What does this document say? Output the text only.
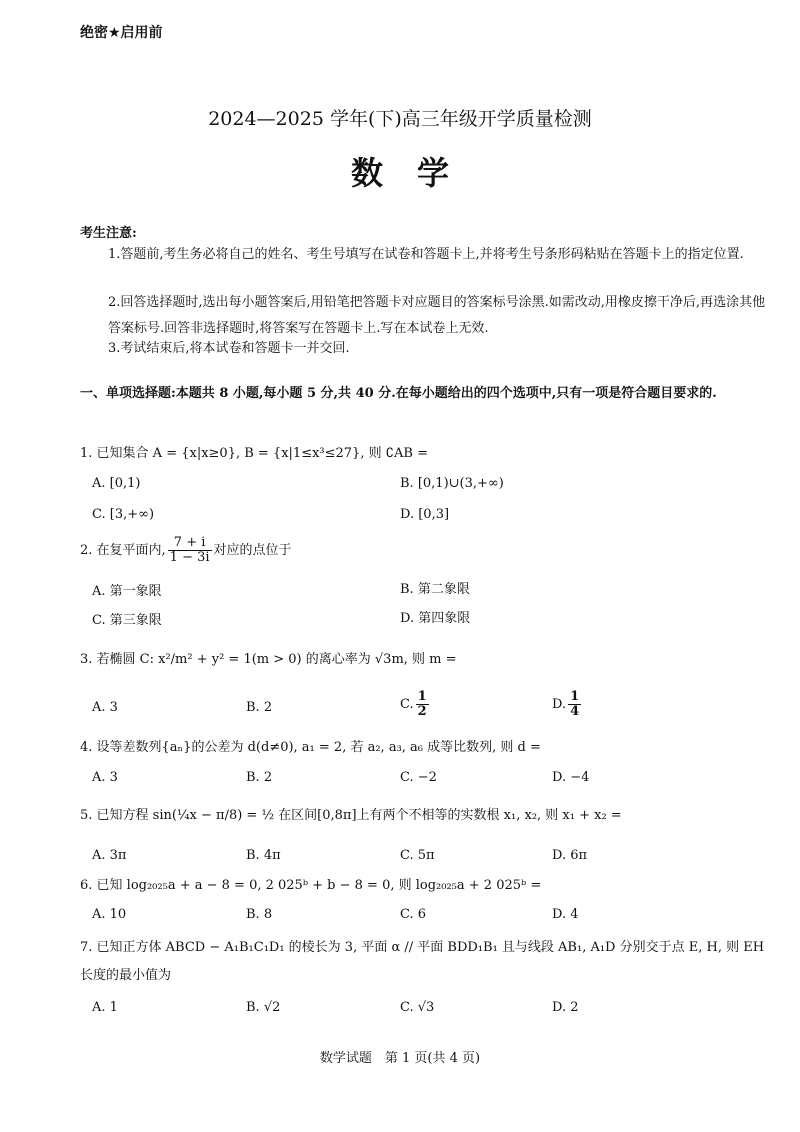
绝密★启用前
2024—2025 学年(下)高三年级开学质量检测
数学
考生注意:
1.答题前,考生务必将自己的姓名、考生号填写在试卷和答题卡上,并将考生号条形码粘贴在答题卡上的指定位置.
2.回答选择题时,选出每小题答案后,用铅笔把答题卡对应题目的答案标号涂黑.如需改动,用橡皮擦干净后,再选涂其他答案标号.回答非选择题时,将答案写在答题卡上.写在本试卷上无效.
3.考试结束后,将本试卷和答题卡一并交回.
一、单项选择题:本题共 8 小题,每小题 5 分,共 40 分.在每小题给出的四个选项中,只有一项是符合题目要求的.
1. 已知集合 A = {x|x≥0}, B = {x|1≤x³≤27}, 则 ∁AB =
A. [0,1)	B. [0,1)∪(3,+∞)
C. [3,+∞)	D. [0,3]
2. 在复平面内, $\frac{7 + i}{1 - 3i}$ 对应的点位于
A. 第一象限	B. 第二象限
C. 第三象限	D. 第四象限
3. 若椭圆 C: x²/m² + y² = 1(m > 0) 的离心率为 √3m, 则 m =
A. 3	B. 2	C. $\frac{1}{2}$	D. $\frac{1}{4}$
4. 设等差数列{aₙ}的公差为 d(d≠0), a₁ = 2, 若 a₂, a₃, a₆ 成等比数列, 则 d =
A. 3	B. 2	C. −2	D. −4
5. 已知方程 sin(¼x − π/8) = ½ 在区间[0,8π]上有两个不相等的实数根 x₁, x₂, 则 x₁ + x₂ =
A. 3π	B. 4π	C. 5π	D. 6π
6. 已知 log₂₀₂₅a + a − 8 = 0, 2 025ᵇ + b − 8 = 0, 则 log₂₀₂₅a + 2 025ᵇ =
A. 10	B. 8	C. 6	D. 4
7. 已知正方体 ABCD − A₁B₁C₁D₁ 的棱长为 3, 平面 α // 平面 BDD₁B₁ 且与线段 AB₁, A₁D 分别交于点 E, H, 则 EH 长度的最小值为
A. 1	B. √2	C. √3	D. 2
数学试题　第 1 页(共 4 页)
